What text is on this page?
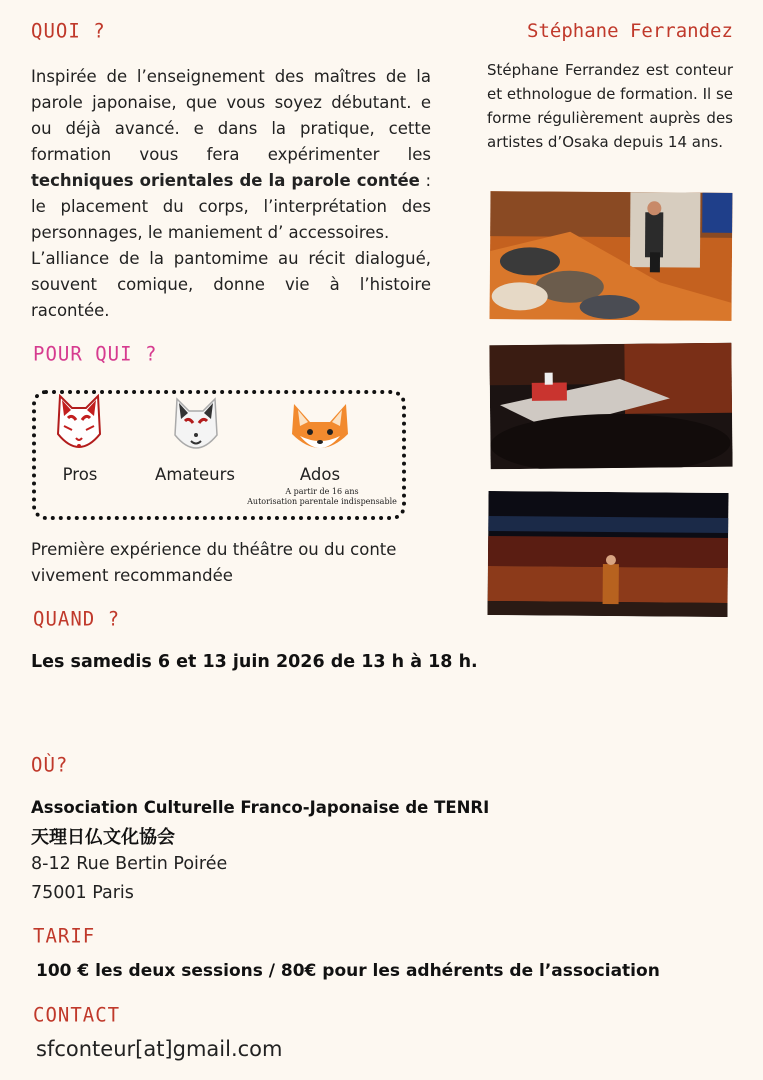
QUOI ?
Inspirée de l’enseignement des maîtres de la parole japonaise, que vous soyez débutant. e ou déjà avancé. e dans la pratique, cette formation vous fera expérimenter les techniques orientales de la parole contée : le placement du corps, l’interprétation des personnages, le maniement d’ accessoires.
L’alliance de la pantomime au récit dialogué, souvent comique, donne vie à l’histoire racontée.
Stéphane Ferrandez
Stéphane Ferrandez est conteur et ethnologue de formation. Il se forme régulièrement auprès des artistes d’Osaka depuis 14 ans.
POUR QUI ?
Pros	Amateurs	Ados
A partir de 16 ans
Autorisation parentale indispensable
Première expérience du théâtre ou du conte vivement recommandée
QUAND ?
Les samedis 6 et 13 juin 2026 de 13 h à 18 h.
OÙ?
Association Culturelle Franco-Japonaise de TENRI
天理日仏文化協会
8-12 Rue Bertin Poirée
75001 Paris
TARIF
100 € les deux sessions / 80€ pour les adhérents de l’association
CONTACT
sfconteur[at]gmail.com
